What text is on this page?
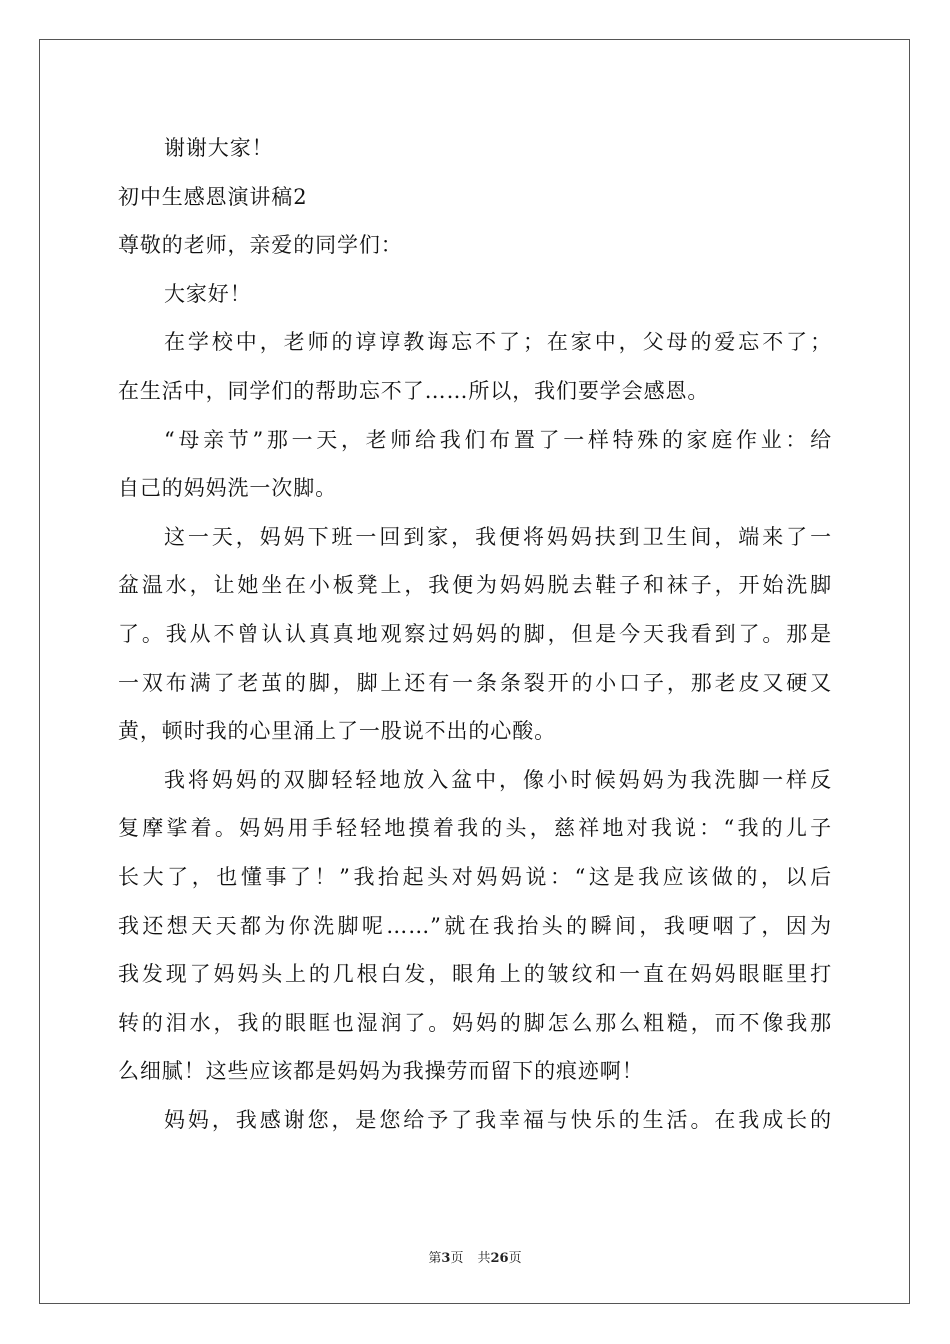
谢谢大家！
初中生感恩演讲稿2
尊敬的老师，亲爱的同学们：
大家好！
在学校中，老师的谆谆教诲忘不了；在家中，父母的爱忘不了；
在生活中，同学们的帮助忘不了……所以，我们要学会感恩。
“母亲节”那一天，老师给我们布置了一样特殊的家庭作业：给
自己的妈妈洗一次脚。
这一天，妈妈下班一回到家，我便将妈妈扶到卫生间，端来了一
盆温水，让她坐在小板凳上，我便为妈妈脱去鞋子和袜子，开始洗脚
了。我从不曾认认真真地观察过妈妈的脚，但是今天我看到了。那是
一双布满了老茧的脚，脚上还有一条条裂开的小口子，那老皮又硬又
黄，顿时我的心里涌上了一股说不出的心酸。
我将妈妈的双脚轻轻地放入盆中，像小时候妈妈为我洗脚一样反
复摩挲着。妈妈用手轻轻地摸着我的头，慈祥地对我说：“我的儿子
长大了，也懂事了！”我抬起头对妈妈说：“这是我应该做的，以后
我还想天天都为你洗脚呢……”就在我抬头的瞬间，我哽咽了，因为
我发现了妈妈头上的几根白发，眼角上的皱纹和一直在妈妈眼眶里打
转的泪水，我的眼眶也湿润了。妈妈的脚怎么那么粗糙，而不像我那
么细腻！这些应该都是妈妈为我操劳而留下的痕迹啊！
妈妈，我感谢您，是您给予了我幸福与快乐的生活。在我成长的
第3页 共26页
